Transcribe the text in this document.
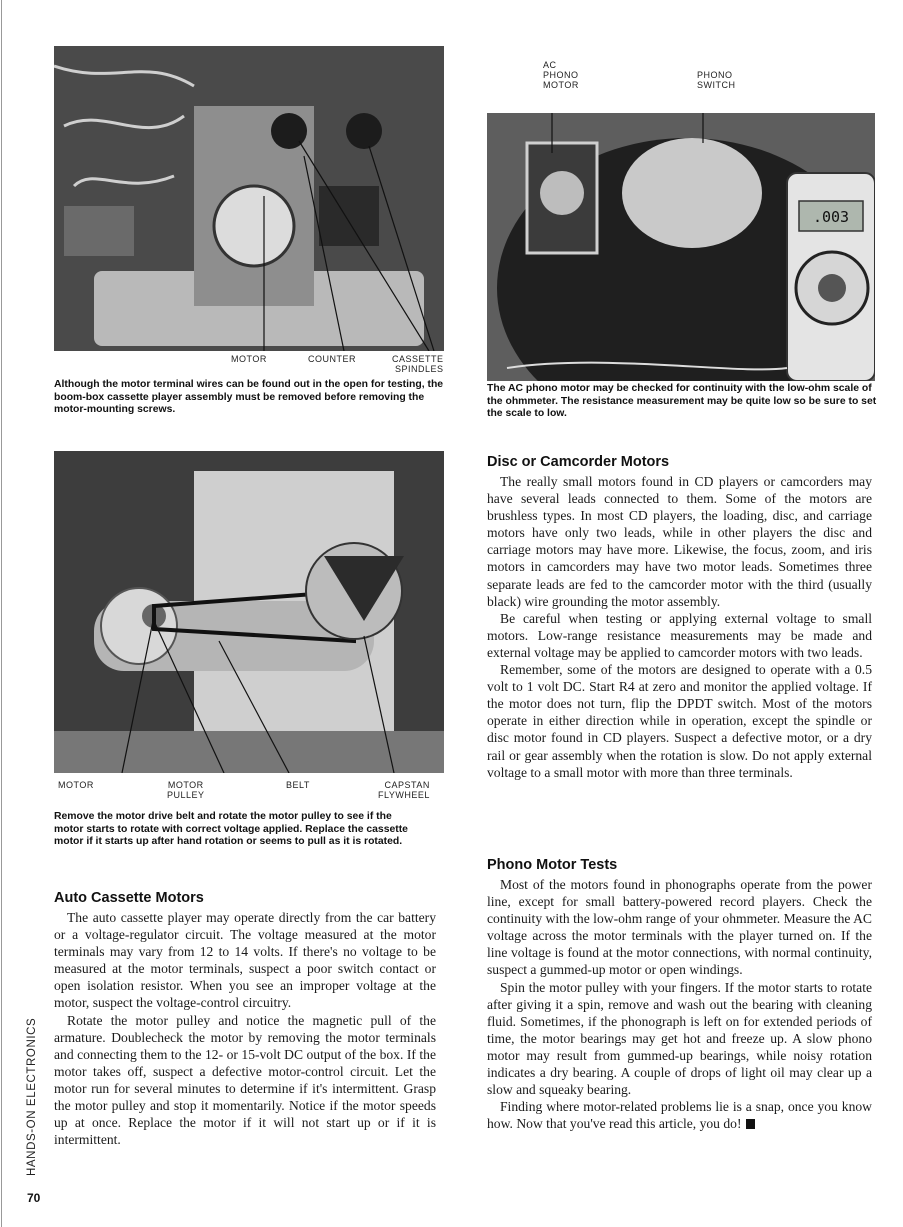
MOTOR	COUNTER	CASSETTE
SPINDLES
Although the motor terminal wires can be found out in the open for testing, the boom-box cassette player assembly must be removed before removing the motor-mounting screws.
AC
PHONO
MOTOR
PHONO
SWITCH
.003
The AC phono motor may be checked for continuity with the low-ohm scale of the ohmmeter. The resistance measurement may be quite low so be sure to set the scale to low.
MOTOR	MOTOR
PULLEY
BELT	CAPSTAN
FLYWHEEL
Remove the motor drive belt and rotate the motor pulley to see if the motor starts to rotate with correct voltage applied. Replace the cassette motor if it starts up after hand rotation or seems to pull as it is rotated.
Auto Cassette Motors

The auto cassette player may operate directly from the car battery or a voltage-regulator circuit. The voltage measured at the motor terminals may vary from 12 to 14 volts. If there's no voltage to be measured at the motor terminals, suspect a poor switch contact or open isolation resistor. When you see an improper voltage at the motor, suspect the voltage-control circuitry.

Rotate the motor pulley and notice the magnetic pull of the armature. Doublecheck the motor by removing the motor terminals and connecting them to the 12- or 15-volt DC output of the box. If the motor takes off, suspect a defective motor-control circuit. Let the motor run for several minutes to determine if it's intermittent. Grasp the motor pulley and stop it momentarily. Notice if the motor speeds up at once. Replace the motor if it will not start up or if it is intermittent.

Disc or Camcorder Motors

The really small motors found in CD players or camcorders may have several leads connected to them. Some of the motors are brushless types. In most CD players, the loading, disc, and carriage motors have only two leads, while in other players the disc and carriage motors may have more. Likewise, the focus, zoom, and iris motors in camcorders may have two motor leads. Sometimes three separate leads are fed to the camcorder motor with the third (usually black) wire grounding the motor assembly.

Be careful when testing or applying external voltage to small motors. Low-range resistance measurements may be made and external voltage may be applied to camcorder motors with two leads.

Remember, some of the motors are designed to operate with a 0.5 volt to 1 volt DC. Start R4 at zero and monitor the applied voltage. If the motor does not turn, flip the DPDT switch. Most of the motors operate in either direction while in operation, except the spindle or disc motor found in CD players. Suspect a defective motor, or a dry rail or gear assembly when the rotation is slow. Do not apply external voltage to a small motor with more than three terminals.

Phono Motor Tests

Most of the motors found in phonographs operate from the power line, except for small battery-powered record players. Check the continuity with the low-ohm range of your ohmmeter. Measure the AC voltage across the motor terminals with the player turned on. If the line voltage is found at the motor connections, with normal continuity, suspect a gummed-up motor or open windings.

Spin the motor pulley with your fingers. If the motor starts to rotate after giving it a spin, remove and wash out the bearing with cleaning fluid. Sometimes, if the phonograph is left on for extended periods of time, the motor bearings may get hot and freeze up. A slow phono motor may result from gummed-up bearings, while noisy rotation indicates a dry bearing. A couple of drops of light oil may clear up a slow and squeaky bearing.

Finding where motor-related problems lie is a snap, once you know how. Now that you've read this article, you do!

HANDS-ON ELECTRONICS
70
